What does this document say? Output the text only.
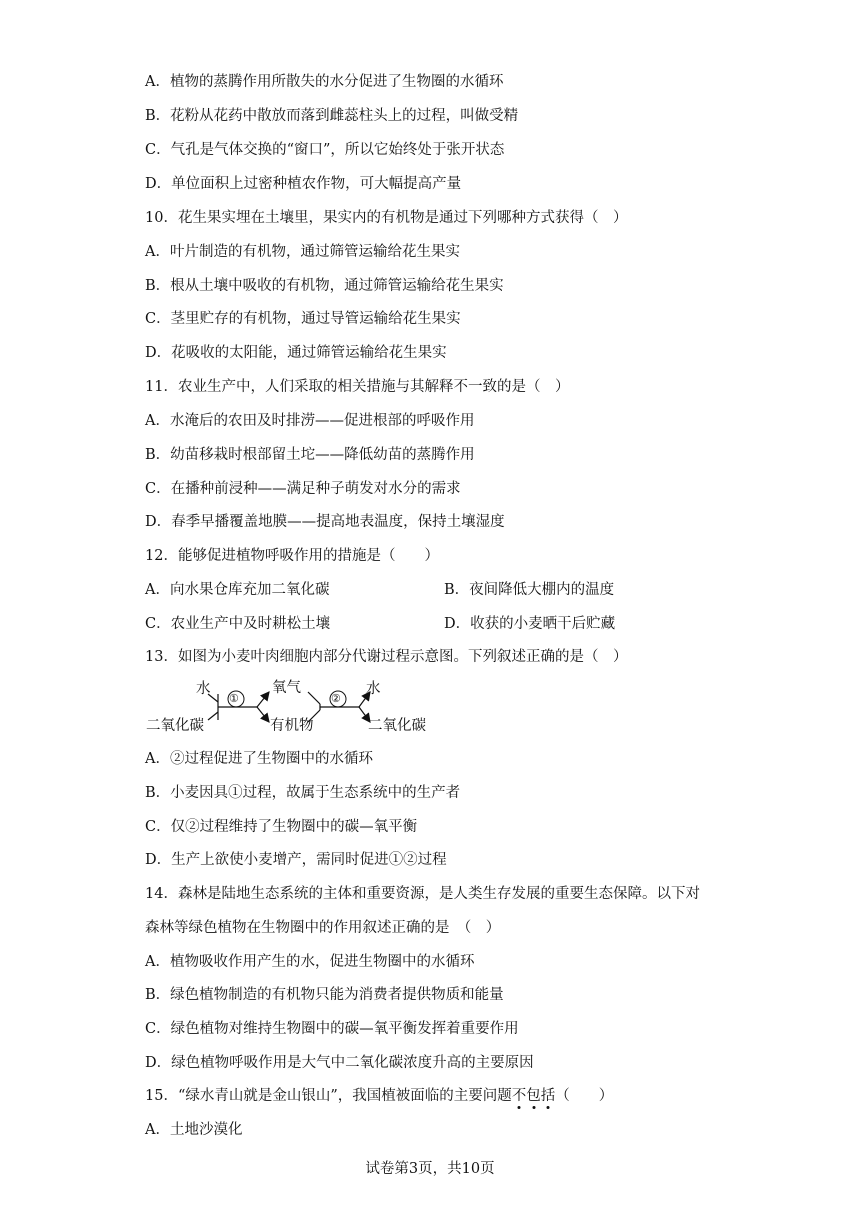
A．植物的蒸腾作用所散失的水分促进了生物圈的水循环
B．花粉从花药中散放而落到雌蕊柱头上的过程，叫做受精
C．气孔是气体交换的“窗口”，所以它始终处于张开状态
D．单位面积上过密种植农作物，可大幅提高产量
10．花生果实埋在土壤里，果实内的有机物是通过下列哪种方式获得（　）
A．叶片制造的有机物，通过筛管运输给花生果实
B．根从土壤中吸收的有机物，通过筛管运输给花生果实
C．茎里贮存的有机物，通过导管运输给花生果实
D．花吸收的太阳能，通过筛管运输给花生果实
11．农业生产中，人们采取的相关措施与其解释不一致的是（　）
A．水淹后的农田及时排涝——促进根部的呼吸作用
B．幼苗移栽时根部留土坨——降低幼苗的蒸腾作用
C．在播种前浸种——满足种子萌发对水分的需求
D．春季早播覆盖地膜——提高地表温度，保持土壤湿度
12．能够促进植物呼吸作用的措施是（　　）
A．向水果仓库充加二氧化碳	B．夜间降低大棚内的温度
C．农业生产中及时耕松土壤	D．收获的小麦晒干后贮藏
13．如图为小麦叶肉细胞内部分代谢过程示意图。下列叙述正确的是（　）
水
二氧化碳
①
氧气
有机物
②
水
二氧化碳
A．②过程促进了生物圈中的水循环
B．小麦因具①过程，故属于生态系统中的生产者
C．仅②过程维持了生物圈中的碳—氧平衡
D．生产上欲使小麦增产，需同时促进①②过程
14．森林是陆地生态系统的主体和重要资源，是人类生存发展的重要生态保障。以下对
森林等绿色植物在生物圈中的作用叙述正确的是　（　）
A．植物吸收作用产生的水，促进生物圈中的水循环
B．绿色植物制造的有机物只能为消费者提供物质和能量
C．绿色植物对维持生物圈中的碳—氧平衡发挥着重要作用
D．绿色植物呼吸作用是大气中二氧化碳浓度升高的主要原因
15．“绿水青山就是金山银山”，我国植被面临的主要问题不包括（　　）
A．土地沙漠化
试卷第3页，共10页
